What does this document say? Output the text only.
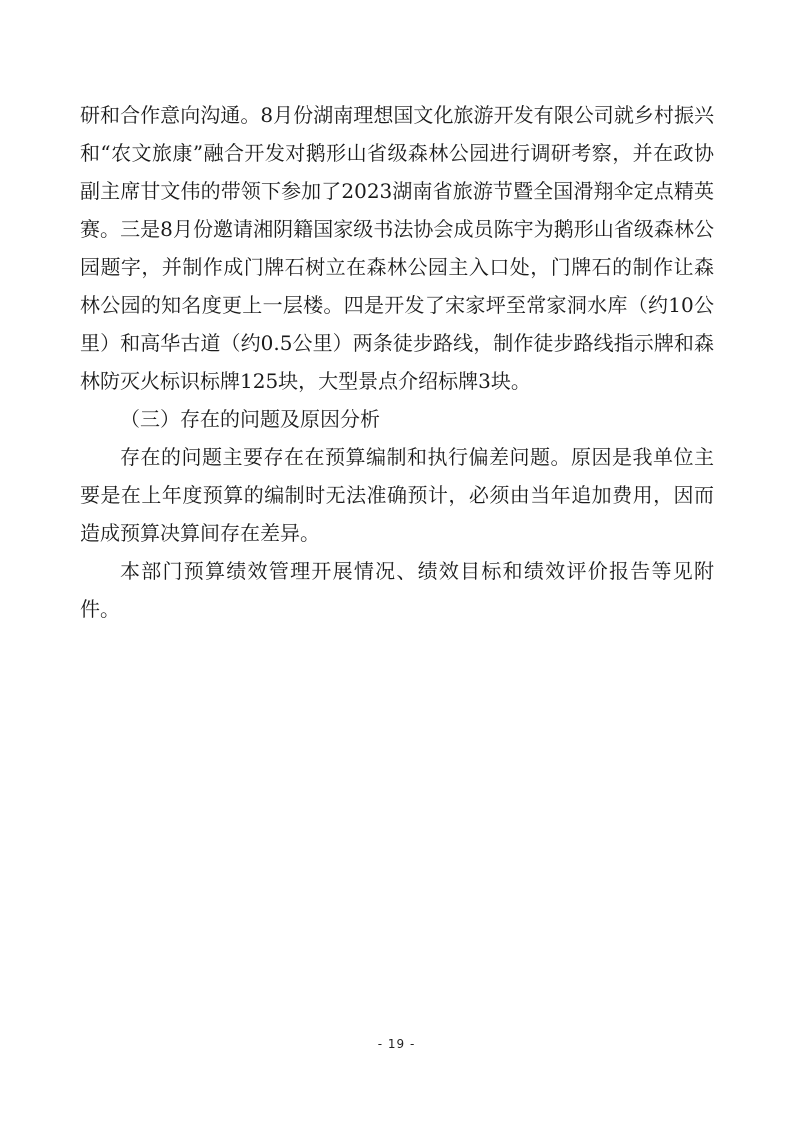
研和合作意向沟通。8月份湖南理想国文化旅游开发有限公司就乡村振兴和“农文旅康”融合开发对鹅形山省级森林公园进行调研考察，并在政协副主席甘文伟的带领下参加了2023湖南省旅游节暨全国滑翔伞定点精英赛。三是8月份邀请湘阴籍国家级书法协会成员陈宇为鹅形山省级森林公园题字，并制作成门牌石树立在森林公园主入口处，门牌石的制作让森林公园的知名度更上一层楼。四是开发了宋家坪至常家洞水库（约10公里）和高华古道（约0.5公里）两条徒步路线，制作徒步路线指示牌和森林防灭火标识标牌125块，大型景点介绍标牌3块。

（三）存在的问题及原因分析

存在的问题主要存在在预算编制和执行偏差问题。原因是我单位主要是在上年度预算的编制时无法准确预计，必须由当年追加费用，因而造成预算决算间存在差异。

本部门预算绩效管理开展情况、绩效目标和绩效评价报告等见附件。

- 19 -
